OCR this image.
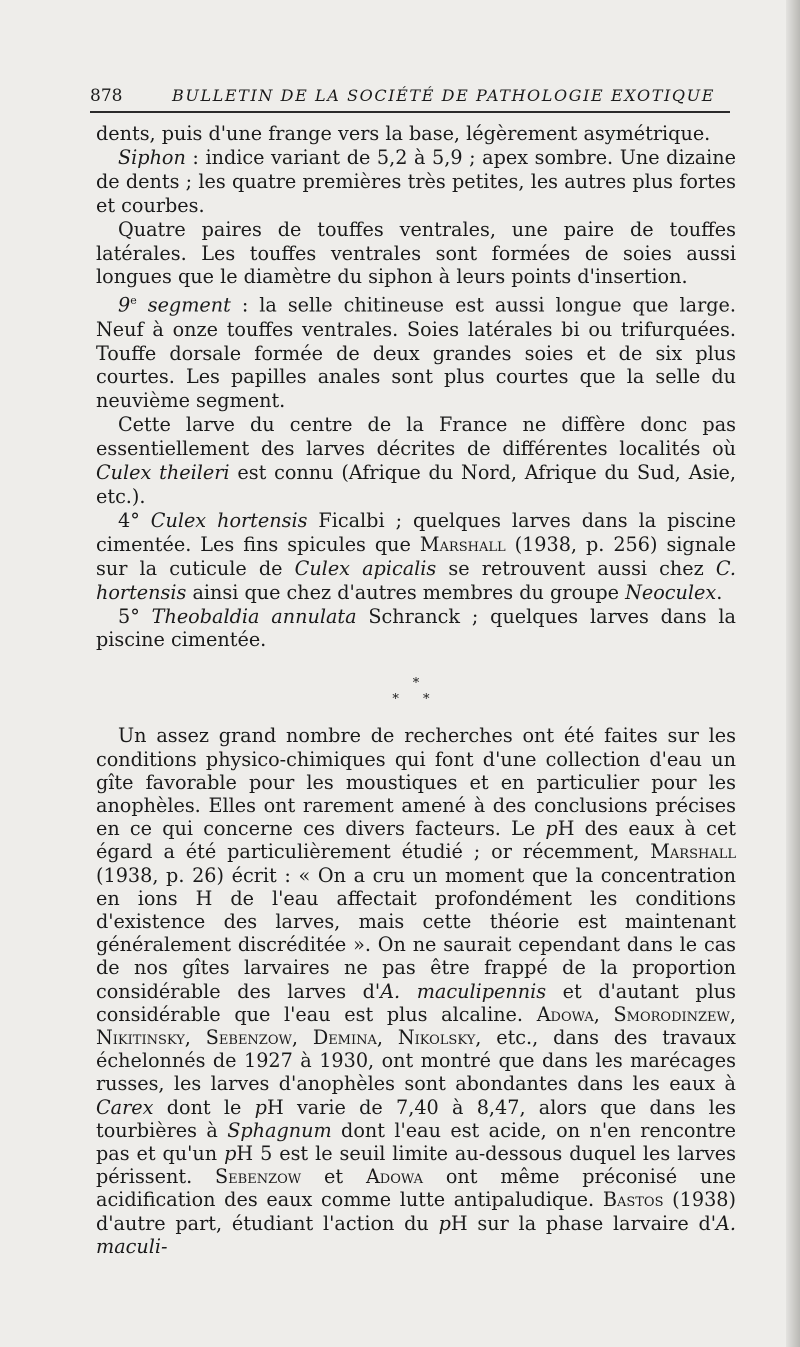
878	BULLETIN DE LA SOCIÉTÉ DE PATHOLOGIE EXOTIQUE

dents, puis d'une frange vers la base, légèrement asymétrique.

Siphon : indice variant de 5,2 à 5,9 ; apex sombre. Une dizaine de dents ; les quatre premières très petites, les autres plus fortes et courbes.

Quatre paires de touffes ventrales, une paire de touffes latérales. Les touffes ventrales sont formées de soies aussi longues que le diamètre du siphon à leurs points d'insertion.

9e segment : la selle chitineuse est aussi longue que large. Neuf à onze touffes ventrales. Soies latérales bi ou trifurquées. Touffe dorsale formée de deux grandes soies et de six plus courtes. Les papilles anales sont plus courtes que la selle du neuvième segment.

Cette larve du centre de la France ne diffère donc pas essentiellement des larves décrites de différentes localités où Culex theileri est connu (Afrique du Nord, Afrique du Sud, Asie, etc.).

4° Culex hortensis Ficalbi ; quelques larves dans la piscine cimentée. Les fins spicules que Marshall (1938, p. 256) signale sur la cuticule de Culex apicalis se retrouvent aussi chez C. hortensis ainsi que chez d'autres membres du groupe Neoculex.

5° Theobaldia annulata Schranck ; quelques larves dans la piscine cimentée.

*
* *

Un assez grand nombre de recherches ont été faites sur les conditions physico-chimiques qui font d'une collection d'eau un gîte favorable pour les moustiques et en particulier pour les anophèles. Elles ont rarement amené à des conclusions précises en ce qui concerne ces divers facteurs. Le pH des eaux à cet égard a été particulièrement étudié ; or récemment, Marshall (1938, p. 26) écrit : « On a cru un moment que la concentration en ions H de l'eau affectait profondément les conditions d'existence des larves, mais cette théorie est maintenant généralement discréditée ». On ne saurait cependant dans le cas de nos gîtes larvaires ne pas être frappé de la proportion considérable des larves d'A. maculipennis et d'autant plus considérable que l'eau est plus alcaline. Adowa, Smorodinzew, Nikitinsky, Sebenzow, Demina, Nikolsky, etc., dans des travaux échelonnés de 1927 à 1930, ont montré que dans les marécages russes, les larves d'anophèles sont abondantes dans les eaux à Carex dont le pH varie de 7,40 à 8,47, alors que dans les tourbières à Sphagnum dont l'eau est acide, on n'en rencontre pas et qu'un pH 5 est le seuil limite au-dessous duquel les larves périssent. Sebenzow et Adowa ont même préconisé une acidification des eaux comme lutte antipaludique. Bastos (1938) d'autre part, étudiant l'action du pH sur la phase larvaire d'A. maculi-
